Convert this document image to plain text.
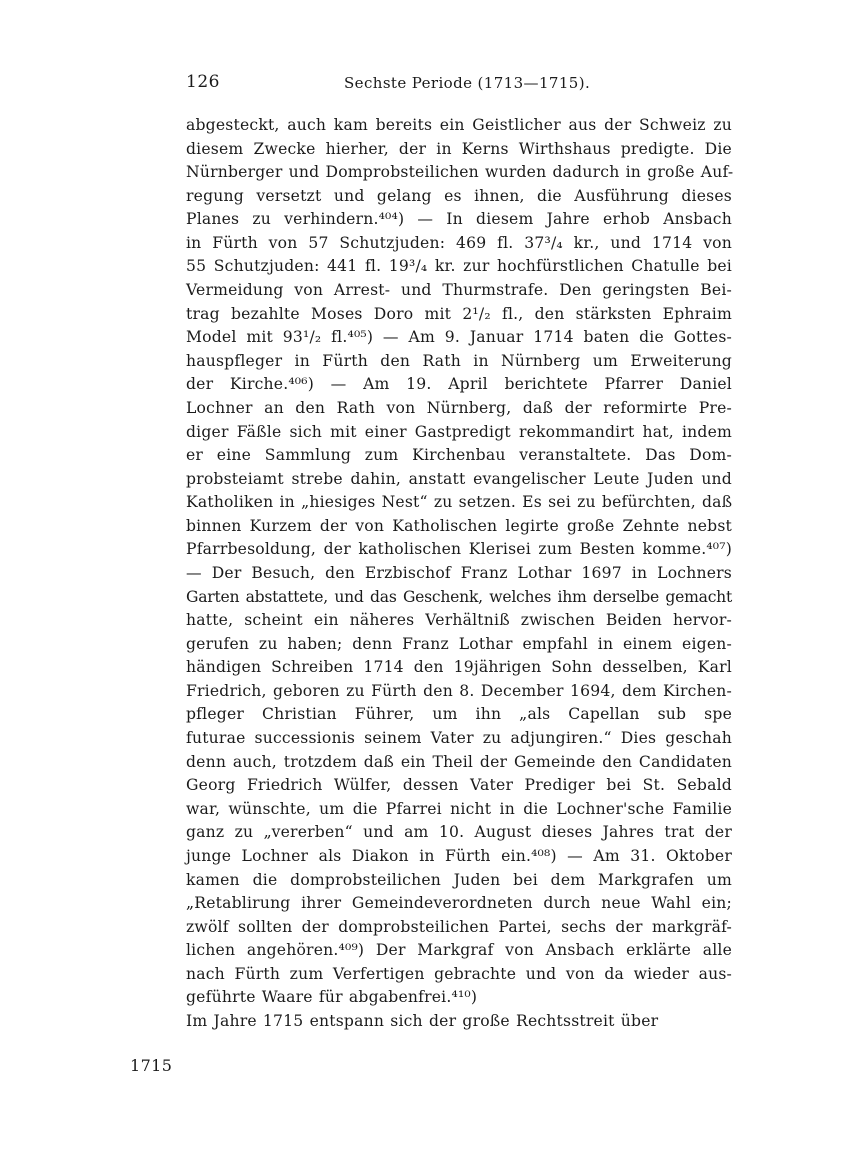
126	Sechste Periode (1713—1715).
1715
abgesteckt, auch kam bereits ein Geistlicher aus der Schweiz zu
diesem Zwecke hierher, der in Kerns Wirthshaus predigte. Die
Nürnberger und Domprobsteilichen wurden dadurch in große Auf-
regung versetzt und gelang es ihnen, die Ausführung dieses
Planes zu verhindern.⁴⁰⁴) — In diesem Jahre erhob Ansbach
in Fürth von 57 Schutzjuden: 469 fl. 37³/₄ kr., und 1714 von
55 Schutzjuden: 441 fl. 19³/₄ kr. zur hochfürstlichen Chatulle bei
Vermeidung von Arrest- und Thurmstrafe. Den geringsten Bei-
trag bezahlte Moses Doro mit 2¹/₂ fl., den stärksten Ephraim
Model mit 93¹/₂ fl.⁴⁰⁵) — Am 9. Januar 1714 baten die Gottes-
hauspfleger in Fürth den Rath in Nürnberg um Erweiterung
der Kirche.⁴⁰⁶) — Am 19. April berichtete Pfarrer Daniel
Lochner an den Rath von Nürnberg, daß der reformirte Pre-
diger Fäßle sich mit einer Gastpredigt rekommandirt hat, indem
er eine Sammlung zum Kirchenbau veranstaltete. Das Dom-
probsteiamt strebe dahin, anstatt evangelischer Leute Juden und
Katholiken in „hiesiges Nest“ zu setzen. Es sei zu befürchten, daß
binnen Kurzem der von Katholischen legirte große Zehnte nebst
Pfarrbesoldung, der katholischen Klerisei zum Besten komme.⁴⁰⁷)
— Der Besuch, den Erzbischof Franz Lothar 1697 in Lochners
Garten abstattete, und das Geschenk, welches ihm derselbe gemacht
hatte, scheint ein näheres Verhältniß zwischen Beiden hervor-
gerufen zu haben; denn Franz Lothar empfahl in einem eigen-
händigen Schreiben 1714 den 19jährigen Sohn desselben, Karl
Friedrich, geboren zu Fürth den 8. December 1694, dem Kirchen-
pfleger Christian Führer, um ihn „als Capellan sub spe
futurae successionis seinem Vater zu adjungiren.“ Dies geschah
denn auch, trotzdem daß ein Theil der Gemeinde den Candidaten
Georg Friedrich Wülfer, dessen Vater Prediger bei St. Sebald
war, wünschte, um die Pfarrei nicht in die Lochner'sche Familie
ganz zu „vererben“ und am 10. August dieses Jahres trat der
junge Lochner als Diakon in Fürth ein.⁴⁰⁸) — Am 31. Oktober
kamen die domprobsteilichen Juden bei dem Markgrafen um
„Retablirung ihrer Gemeindeverordneten durch neue Wahl ein;
zwölf sollten der domprobsteilichen Partei, sechs der markgräf-
lichen angehören.⁴⁰⁹) Der Markgraf von Ansbach erklärte alle
nach Fürth zum Verfertigen gebrachte und von da wieder aus-
geführte Waare für abgabenfrei.⁴¹⁰)
Im Jahre 1715 entspann sich der große Rechtsstreit über
